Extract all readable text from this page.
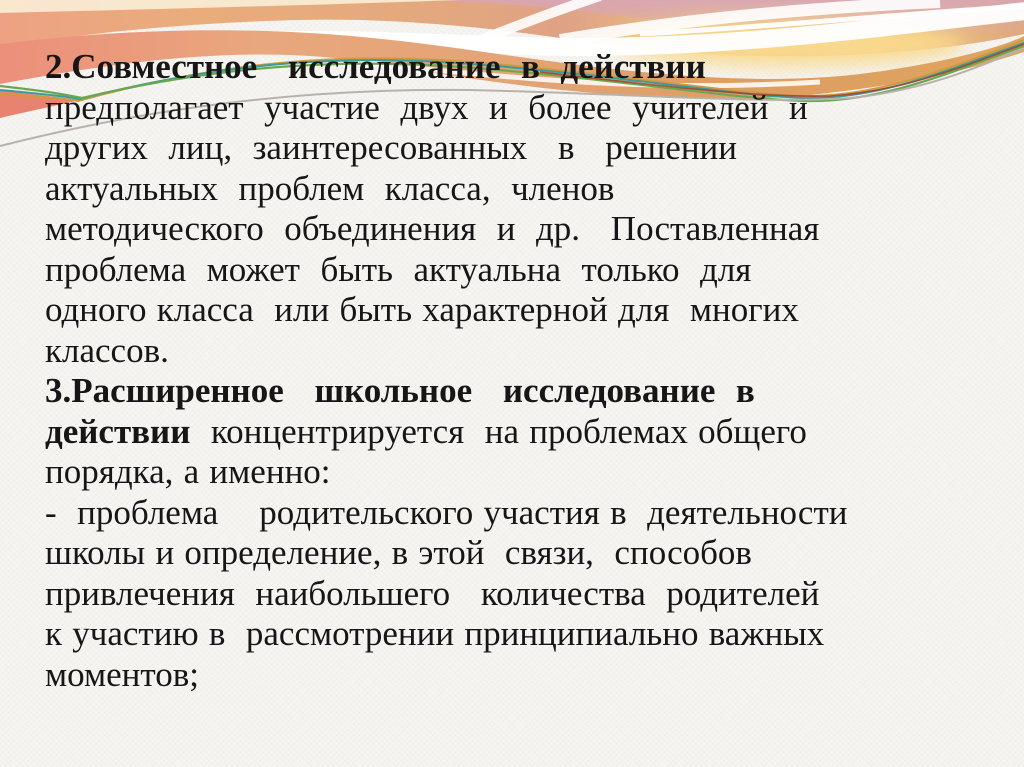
2.Совместное   исследование  в  действии
предполагает  участие  двух  и  более  учителей  и
других  лиц,  заинтересованных   в   решении
актуальных  проблем  класса,  членов
методического  объединения  и  др.   Поставленная
проблема  может  быть  актуальна  только  для
одного класса  или быть характерной для  многих
классов.
3.Расширенное   школьное   исследование  в
действии  концентрируется  на проблемах общего
порядка, а именно:
-  проблема    родительского участия в  деятельности
школы и определение, в этой  связи,  способов
привлечения  наибольшего   количества  родителей
к участию в  рассмотрении принципиально важных
моментов;
